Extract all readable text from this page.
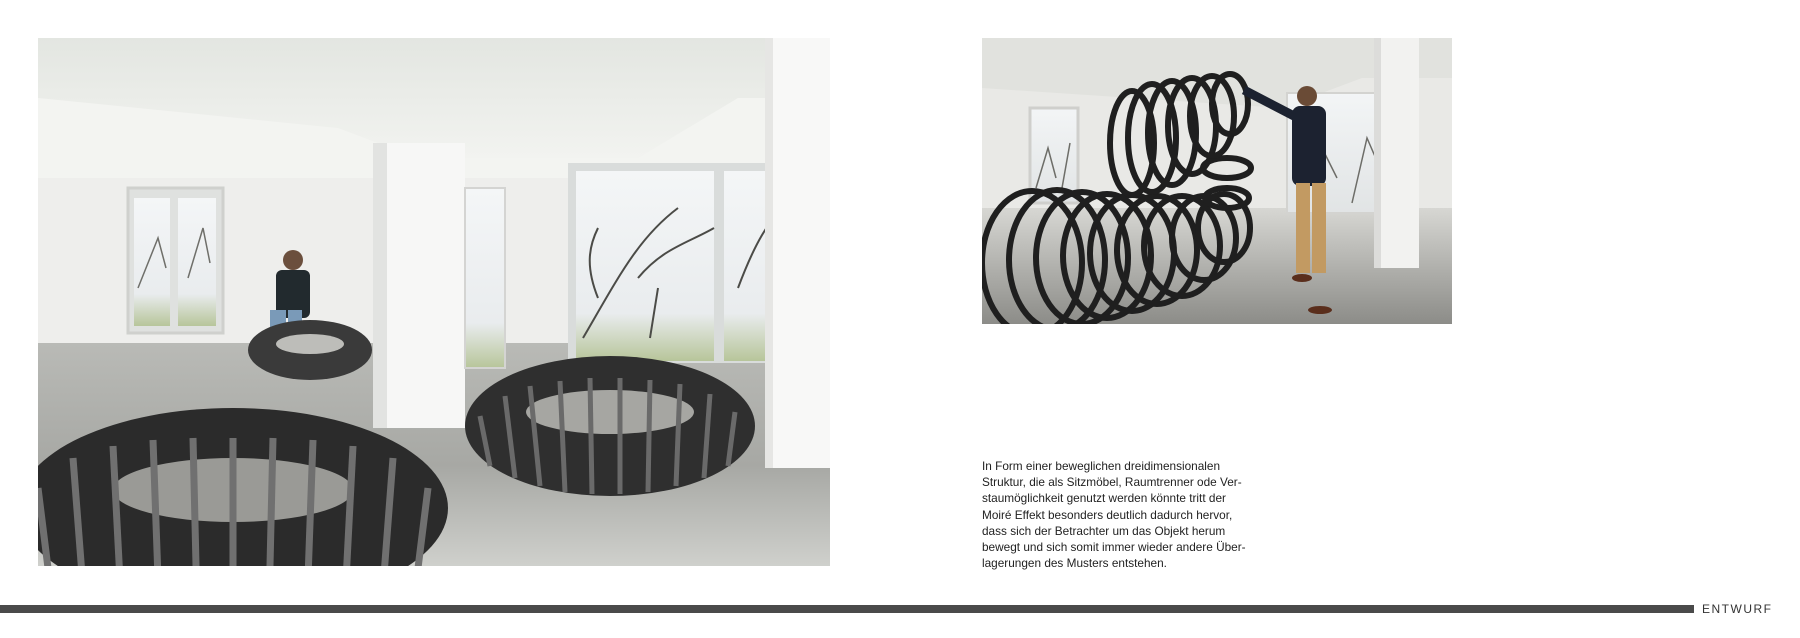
In Form einer beweglichen dreidimensionalen
Struktur, die als Sitzmöbel, Raumtrenner ode Ver-
staumöglichkeit genutzt werden könnte tritt der
Moiré Effekt besonders deutlich dadurch hervor,
dass sich der Betrachter um das Objekt herum
bewegt und sich somit immer wieder andere Über-
lagerungen des Musters entstehen.

ENTWURF
